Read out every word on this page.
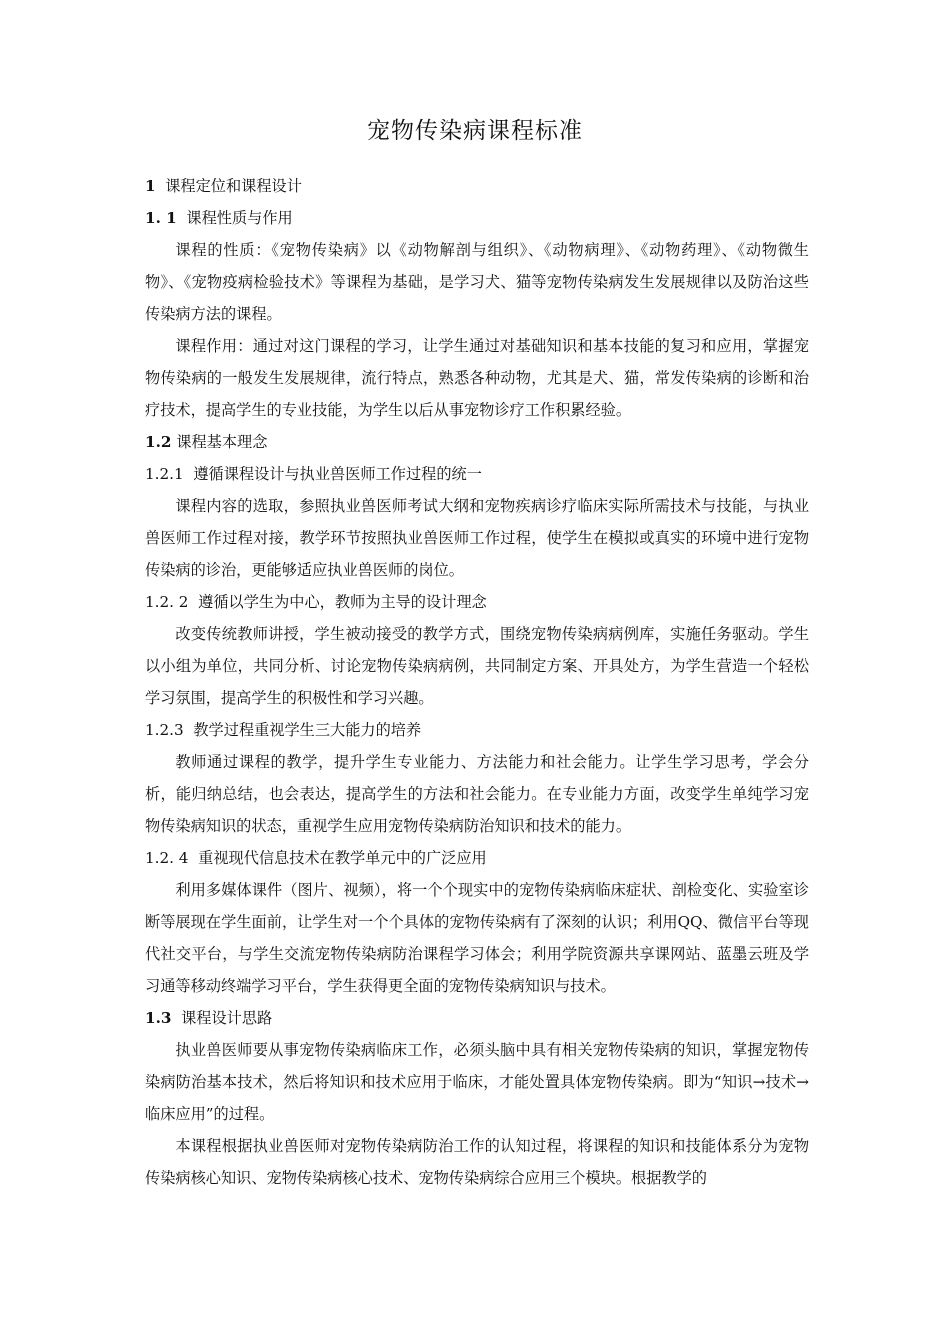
宠物传染病课程标准
1 课程定位和课程设计
1. 1 课程性质与作用
课程的性质：《宠物传染病》以《动物解剖与组织》、《动物病理》、《动物药理》、《动物微生物》、《宠物疫病检验技术》等课程为基础，是学习犬、猫等宠物传染病发生发展规律以及防治这些传染病方法的课程。
课程作用：通过对这门课程的学习，让学生通过对基础知识和基本技能的复习和应用，掌握宠物传染病的一般发生发展规律，流行特点，熟悉各种动物，尤其是犬、猫，常发传染病的诊断和治疗技术，提高学生的专业技能，为学生以后从事宠物诊疗工作积累经验。
1.2 课程基本理念
1.2.1 遵循课程设计与执业兽医师工作过程的统一
课程内容的选取，参照执业兽医师考试大纲和宠物疾病诊疗临床实际所需技术与技能，与执业兽医师工作过程对接，教学环节按照执业兽医师工作过程，使学生在模拟或真实的环境中进行宠物传染病的诊治，更能够适应执业兽医师的岗位。
1.2. 2 遵循以学生为中心，教师为主导的设计理念
改变传统教师讲授，学生被动接受的教学方式，围绕宠物传染病病例库，实施任务驱动。学生以小组为单位，共同分析、讨论宠物传染病病例，共同制定方案、开具处方，为学生营造一个轻松学习氛围，提高学生的积极性和学习兴趣。
1.2.3 教学过程重视学生三大能力的培养
教师通过课程的教学，提升学生专业能力、方法能力和社会能力。让学生学习思考，学会分析，能归纳总结，也会表达，提高学生的方法和社会能力。在专业能力方面，改变学生单纯学习宠物传染病知识的状态，重视学生应用宠物传染病防治知识和技术的能力。
1.2. 4 重视现代信息技术在教学单元中的广泛应用
利用多媒体课件（图片、视频），将一个个现实中的宠物传染病临床症状、剖检变化、实验室诊断等展现在学生面前，让学生对一个个具体的宠物传染病有了深刻的认识；利用QQ、微信平台等现代社交平台，与学生交流宠物传染病防治课程学习体会；利用学院资源共享课网站、蓝墨云班及学习通等移动终端学习平台，学生获得更全面的宠物传染病知识与技术。
1.3 课程设计思路
执业兽医师要从事宠物传染病临床工作，必须头脑中具有相关宠物传染病的知识，掌握宠物传染病防治基本技术，然后将知识和技术应用于临床，才能处置具体宠物传染病。即为“知识→技术→临床应用”的过程。
本课程根据执业兽医师对宠物传染病防治工作的认知过程，将课程的知识和技能体系分为宠物传染病核心知识、宠物传染病核心技术、宠物传染病综合应用三个模块。根据教学的
